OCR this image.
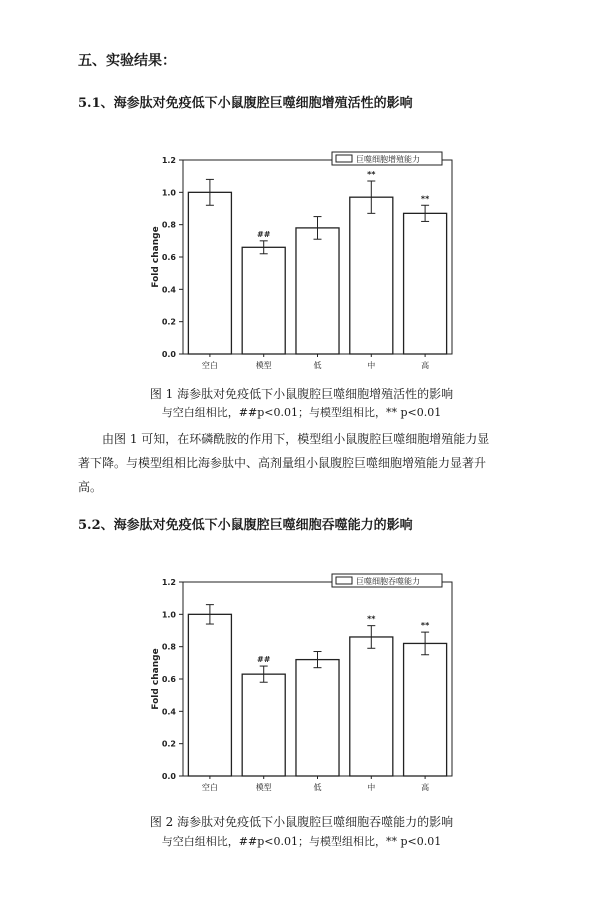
五、实验结果：
5.1、海参肽对免疫低下小鼠腹腔巨噬细胞增殖活性的影响
0.0
0.2
0.4
0.6
0.8
1.0
1.2
Fold change
空白
##
模型	低
**
中
**
高
巨噬细胞增殖能力
图 1 海参肽对免疫低下小鼠腹腔巨噬细胞增殖活性的影响
与空白组相比，##p<0.01；与模型组相比，** p<0.01
由图 1 可知，在环磷酰胺的作用下，模型组小鼠腹腔巨噬细胞增殖能力显
著下降。与模型组相比海参肽中、高剂量组小鼠腹腔巨噬细胞增殖能力显著升
高。
5.2、海参肽对免疫低下小鼠腹腔巨噬细胞吞噬能力的影响
0.0
0.2
0.4
0.6
0.8
1.0
1.2
Fold change
空白
##
模型	低
**
中
**
高
巨噬细胞吞噬能力
图 2 海参肽对免疫低下小鼠腹腔巨噬细胞吞噬能力的影响
与空白组相比，##p<0.01；与模型组相比，** p<0.01
